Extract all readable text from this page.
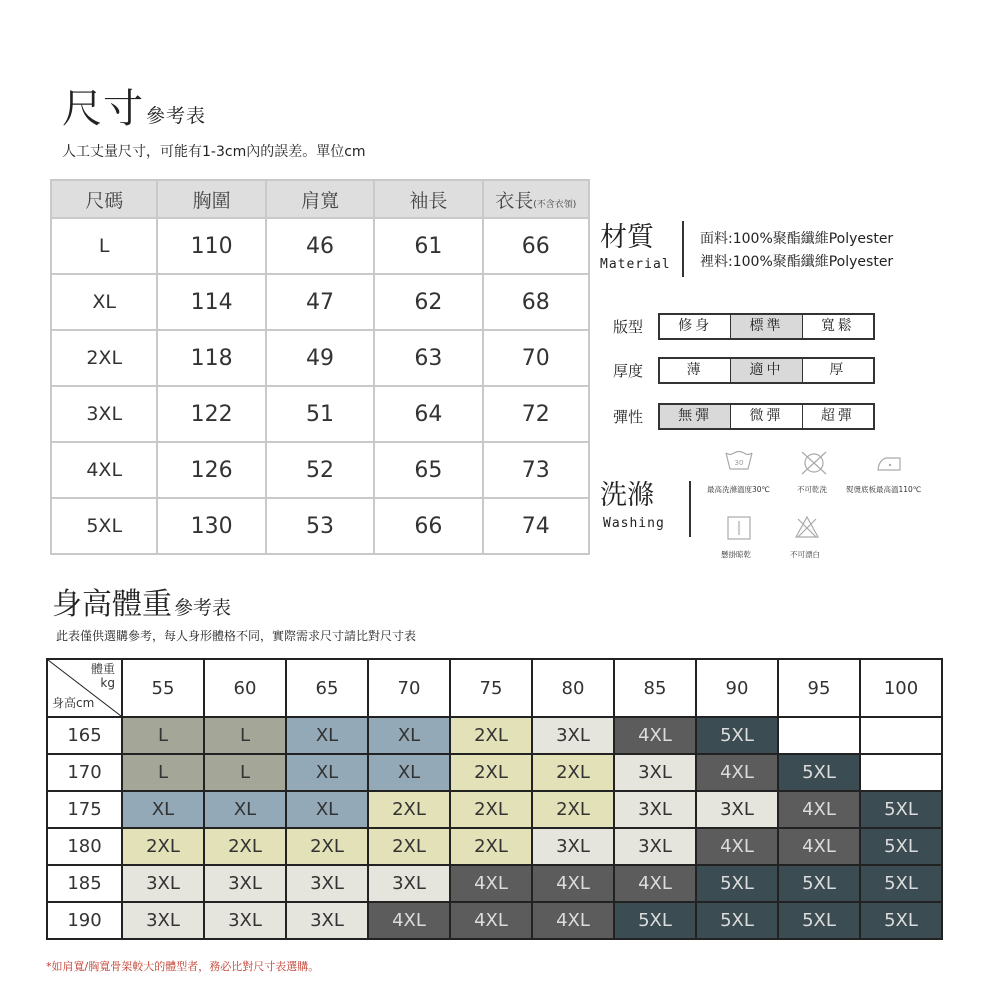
尺寸 參考表
人工丈量尺寸，可能有1-3cm內的誤差。單位cm
尺碼	胸圍	肩寬	袖長	衣長(不含衣領)
L	110	46	61	66
XL	114	47	62	68
2XL	118	49	63	70
3XL	122	51	64	72
4XL	126	52	65	73
5XL	130	53	66	74
材質
Material
面料:100%聚酯纖維Polyester
裡料:100%聚酯纖維Polyester
版型	修身	標準	寬鬆
厚度	薄	適中	厚
彈性	無彈	微彈	超彈
洗滌
Washing
30
最高洗滌溫度30℃	不可乾洗	熨燙底板最高溫110℃
懸掛晾乾	不可漂白
身高體重 參考表
此表僅供選購參考，每人身形體格不同，實際需求尺寸請比對尺寸表
體重
kg
身高cm	55	60	65	70	75	80	85	90	95	100
165	L	L	XL	XL	2XL	3XL	4XL	5XL		
170	L	L	XL	XL	2XL	2XL	3XL	4XL	5XL	
175	XL	XL	XL	2XL	2XL	2XL	3XL	3XL	4XL	5XL
180	2XL	2XL	2XL	2XL	2XL	3XL	3XL	4XL	4XL	5XL
185	3XL	3XL	3XL	3XL	4XL	4XL	4XL	5XL	5XL	5XL
190	3XL	3XL	3XL	4XL	4XL	4XL	5XL	5XL	5XL	5XL
*如肩寬/胸寬骨架較大的體型者，務必比對尺寸表選購。
